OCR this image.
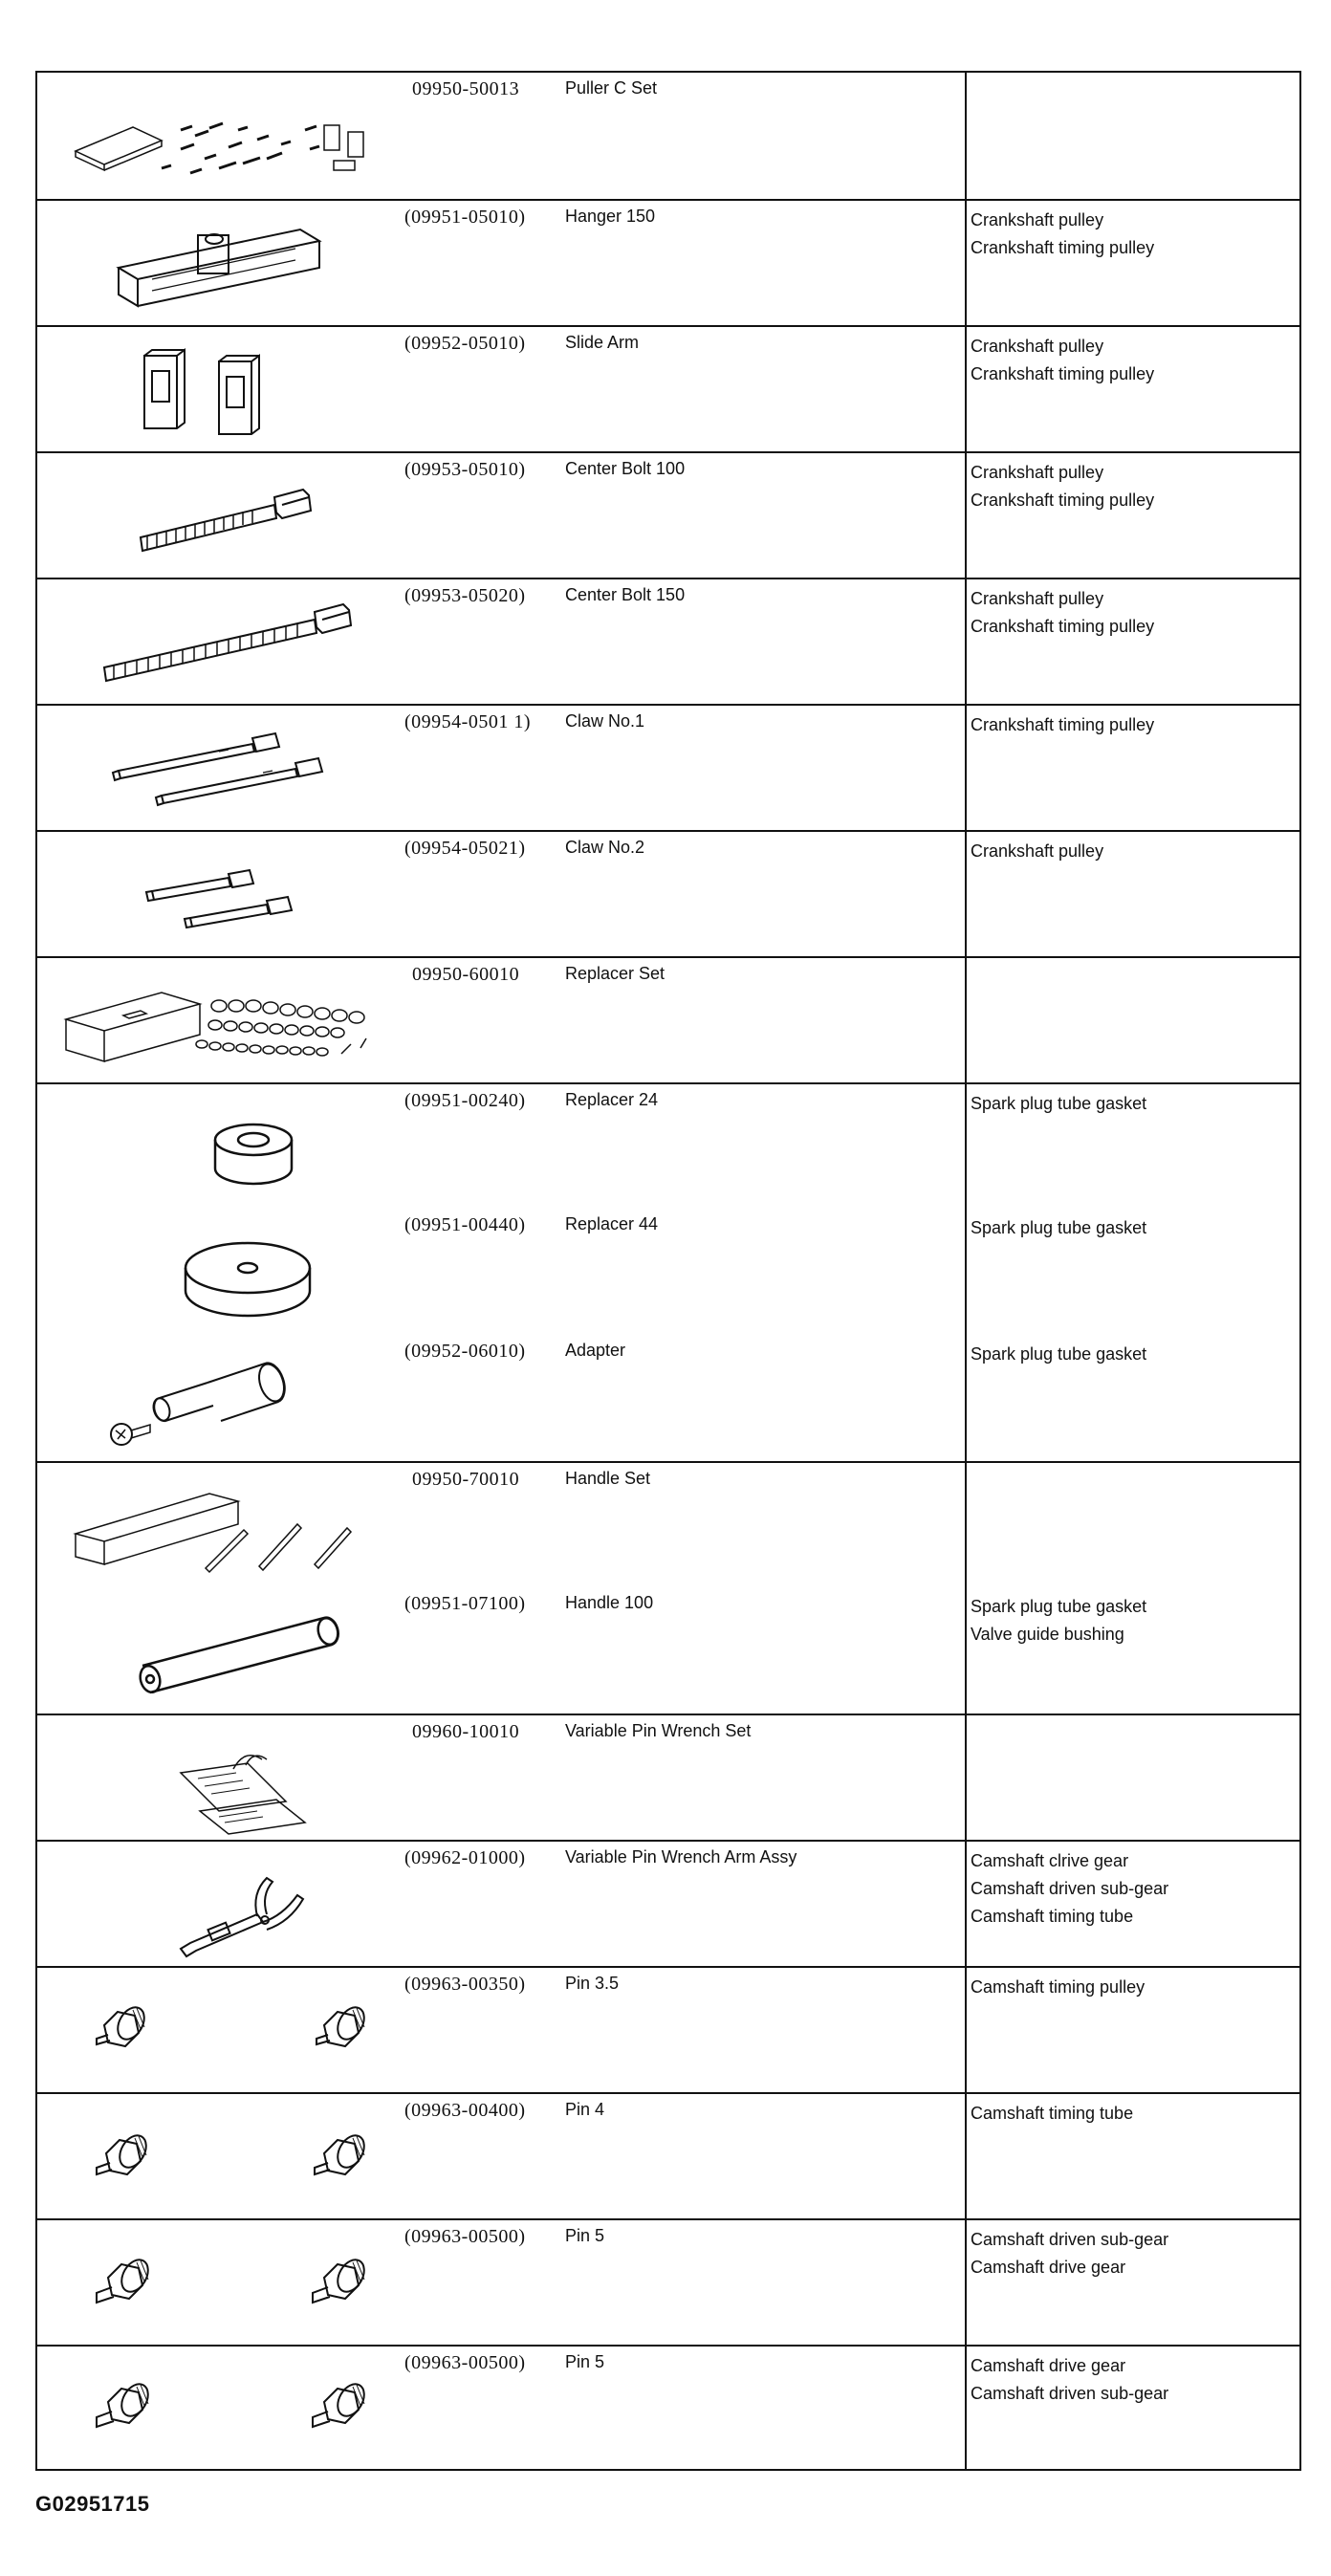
09950-50013	Puller C Set
(09951-05010)	Hanger 150	Crankshaft pulley
Crankshaft timing pulley
(09952-05010)	Slide Arm	Crankshaft pulley
Crankshaft timing pulley
(09953-05010)	Center Bolt 100	Crankshaft pulley
Crankshaft timing pulley
(09953-05020)	Center Bolt 150	Crankshaft pulley
Crankshaft timing pulley
(09954-0501 1)	Claw No.1	Crankshaft timing pulley
(09954-05021)	Claw No.2	Crankshaft pulley
09950-60010	Replacer Set
(09951-00240)	Replacer 24	Spark plug tube gasket
(09951-00440)	Replacer 44	Spark plug tube gasket
(09952-06010)	Adapter	Spark plug tube gasket
09950-70010	Handle Set
(09951-07100)	Handle 100	Spark plug tube gasket
Valve guide bushing
09960-10010	Variable Pin Wrench Set
(09962-01000)	Variable Pin Wrench Arm Assy	Camshaft clrive gear
Camshaft driven sub-gear
Camshaft timing tube
(09963-00350)	Pin 3.5	Camshaft timing pulley
(09963-00400)	Pin 4	Camshaft timing tube
(09963-00500)	Pin 5	Camshaft driven sub-gear
Camshaft drive gear
(09963-00500)	Pin 5	Camshaft drive gear
Camshaft driven sub-gear
G02951715
